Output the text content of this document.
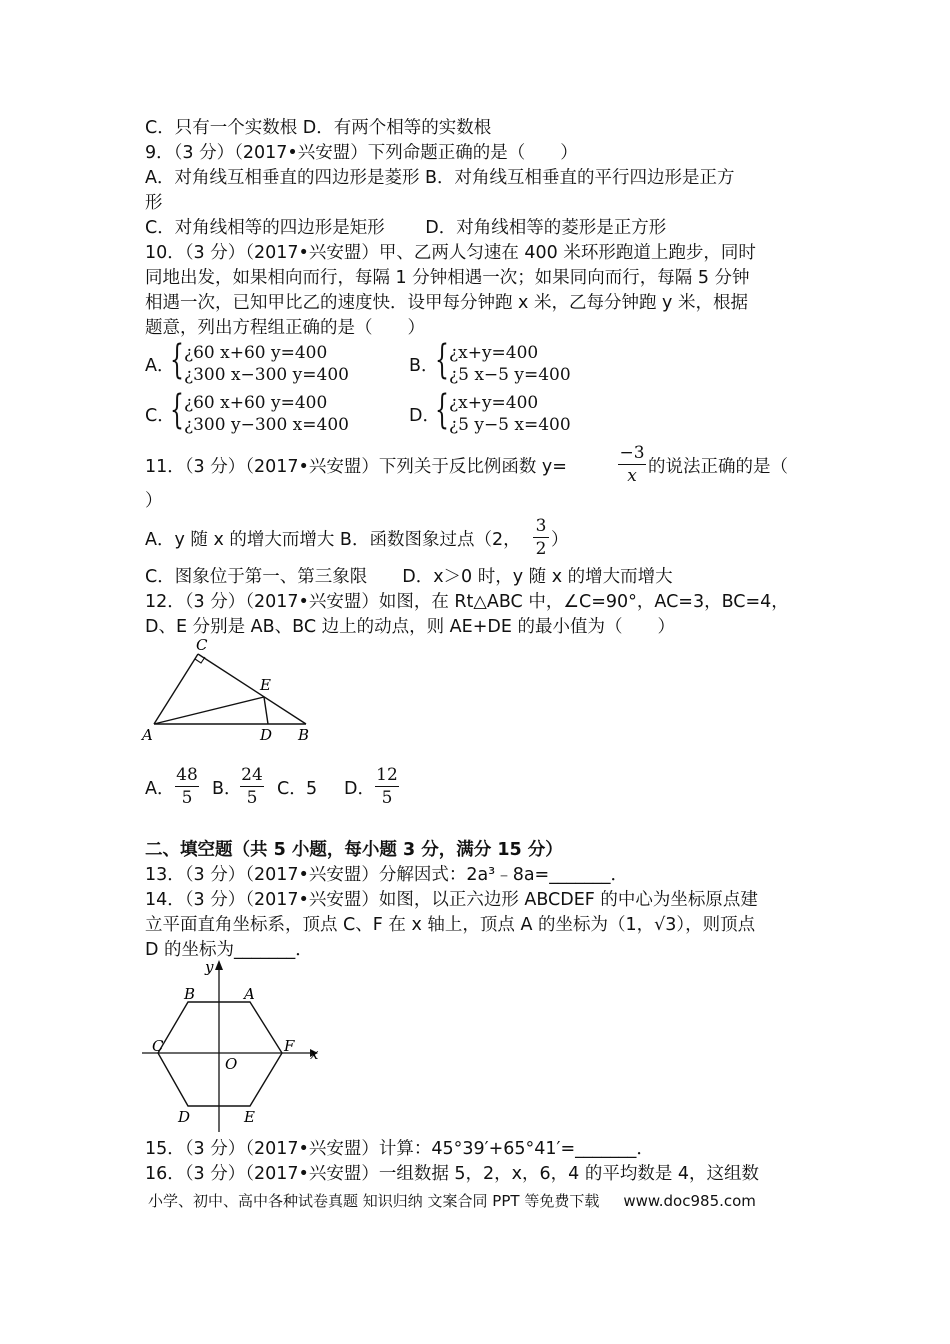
C．只有一个实数根 D．有两个相等的实数根
9．（3 分）（2017•兴安盟）下列命题正确的是（　　）
A．对角线互相垂直的四边形是菱形 B．对角线互相垂直的平行四边形是正方
形
C．对角线相等的四边形是矩形　　 D．对角线相等的菱形是正方形
10．（3 分）（2017•兴安盟）甲、乙两人匀速在 400 米环形跑道上跑步，同时
同地出发，如果相向而行，每隔 1 分钟相遇一次；如果同向而行，每隔 5 分钟
相遇一次，已知甲比乙的速度快．设甲每分钟跑 x 米，乙每分钟跑 y 米，根据
题意，列出方程组正确的是（　　）
A．
{ ¿60 x+60 y=400
¿300 x−300 y=400	B．
{ ¿x+y=400
¿5 x−5 y=400
C．
{ ¿60 x+60 y=400
¿300 y−300 x=400	D．
{ ¿x+y=400
¿5 y−5 x=400
11．（3 分）（2017•兴安盟）下列关于反比例函数 y=
−3
x 的说法正确的是（
）
A．y 随 x 的增大而增大 B．函数图象过点（2，
3
2 ）
C．图象位于第一、第三象限　　D．x＞0 时，y 随 x 的增大而增大
12．（3 分）（2017•兴安盟）如图，在 Rt△ABC 中，∠C=90°，AC=3，BC=4，
D、E 分别是 AB、BC 边上的动点，则 AE+DE 的最小值为（　　）
C
E
A	D B
A．
48
5	B．
24
5	C． 5 D．
12
5
二、填空题（共 5 小题，每小题 3 分，满分 15 分）
13．（3 分）（2017•兴安盟）分解因式：2a³﹣8a=_______．
14．（3 分）（2017•兴安盟）如图，以正六边形 ABCDEF 的中心为坐标原点建
立平面直角坐标系，顶点 C、F 在 x 轴上，顶点 A 的坐标为（1，√3），则顶点
D 的坐标为_______．
y
x
O
A
B
C
D	E
F
15．（3 分）（2017•兴安盟）计算：45°39′+65°41′=_______．
16．（3 分）（2017•兴安盟）一组数据 5，2，x，6，4 的平均数是 4，这组数
小学、初中、高中各种试卷真题 知识归纳 文案合同 PPT 等免费下载 www.doc985.com
